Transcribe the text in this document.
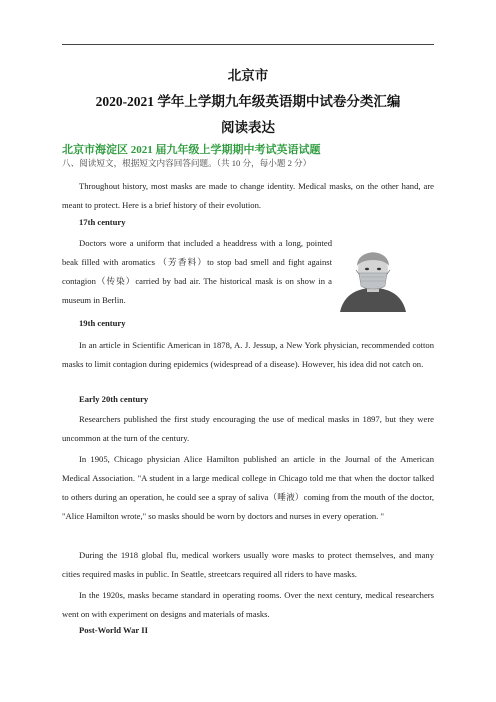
北京市
2020-2021 学年上学期九年级英语期中试卷分类汇编
阅读表达
北京市海淀区 2021 届九年级上学期期中考试英语试题
八、阅读短文，根据短文内容回答问题。（共 10 分，每小题 2 分）
Throughout history, most masks are made to change identity. Medical masks, on the other hand, are meant to protect. Here is a brief history of their evolution.
17th century
Doctors wore a uniform that included a headdress with a long, pointed beak filled with aromatics （芳香料）to stop bad smell and fight against contagion（传染）carried by bad air. The historical mask is on show in a museum in Berlin.
19th century
In an article in Scientific American in 1878, A. J. Jessup, a New York physician, recommended cotton masks to limit contagion during epidemics (widespread of a disease). However, his idea did not catch on.
Early 20th century
Researchers published the first study encouraging the use of medical masks in 1897, but they were uncommon at the turn of the century.
In 1905, Chicago physician Alice Hamilton published an article in the Journal of the American Medical Association. "A student in a large medical college in Chicago told me that when the doctor talked to others during an operation, he could see a spray of saliva（唾液）coming from the mouth of the doctor, "Alice Hamilton wrote," so masks should be worn by doctors and nurses in every operation. "
During the 1918 global flu, medical workers usually wore masks to protect themselves, and many cities required masks in public. In Seattle, streetcars required all riders to have masks.
In the 1920s, masks became standard in operating rooms. Over the next century, medical researchers went on with experiment on designs and materials of masks.
Post-World War II
